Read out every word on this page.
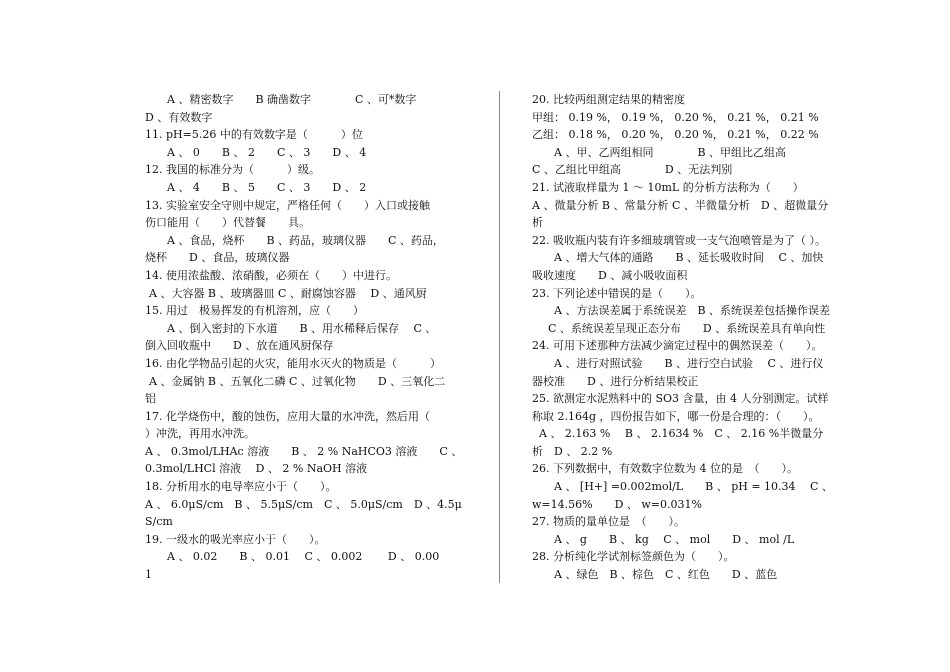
A 、精密数字　　B 确凿数字　　　　C 、可*数字
D 、有效数字
11. pH=5.26 中的有效数字是（　　　）位
A 、 0　　B 、 2　　C 、 3　　D 、 4
12. 我国的标准分为（　　　）级。
A 、 4　　B 、 5　　C 、 3　　D 、 2
13. 实验室安全守则中规定，严格任何（　　）入口或接触
伤口能用（　　）代替餐　　具。
A 、食品，烧杯　　B 、药品，玻璃仪器　　C 、药品，
烧杯　　D 、食品，玻璃仪器
14. 使用浓盐酸、浓硝酸，必须在（　　）中进行。
A 、大容器 B 、玻璃器皿 C 、耐腐蚀容器　 D 、通风厨
15. 用过　极易挥发的有机溶剂，应（　　）
A 、倒入密封的下水道　　B 、用水稀释后保存　 C 、
倒入回收瓶中　　D 、放在通风厨保存
16. 由化学物品引起的火灾，能用水灭火的物质是（　　　）
A 、金属钠 B 、五氧化二磷 C 、过氧化物　　D 、三氧化二
铝
17. 化学烧伤中，酸的蚀伤，应用大量的水冲洗，然后用（
）冲洗，再用水冲洗。
A 、 0.3mol/LHAc 溶液　　B 、 2 % NaHCO3 溶液　　C 、
0.3mol/LHCl 溶液　 D 、 2 % NaOH 溶液
18. 分析用水的电导率应小于（　　）。
A 、 6.0μS/cm　B 、 5.5μS/cm　C 、 5.0μS/cm　D 、4.5μ
S/cm
19. 一级水的吸光率应小于（　　）。
A 、 0.02　　B 、 0.01　 C 、 0.002　　 D 、 0.00
1
20. 比较两组测定结果的精密度
甲组： 0.19 %， 0.19 %， 0.20 %， 0.21 %， 0.21 %
乙组： 0.18 %， 0.20 %， 0.20 %， 0.21 %， 0.22 %
A 、甲、乙两组相同　　　　B 、甲组比乙组高
C 、乙组比甲组高　　　　D 、无法判别
21. 试液取样量为 1 ～ 10mL 的分析方法称为（　　）
A 、微量分析 B 、常量分析 C 、半微量分析　D 、超微量分
析
22. 吸收瓶内装有许多细玻璃管或一支气泡喷管是为了（ ）。
A 、增大气体的通路　　B 、延长吸收时间　 C 、加快
吸收速度　　D 、减小吸收面积
23. 下列论述中错误的是（　　）。
A 、方法误差属于系统误差　B 、系统误差包括操作误差
C 、系统误差呈现正态分布　　D 、系统误差具有单向性
24. 可用下述那种方法减少滴定过程中的偶然误差（　　）。
A 、进行对照试验　　B 、进行空白试验　 C 、进行仪
器校准　　D 、进行分析结果校正
25. 欲测定水泥熟料中的 SO3 含量，由 4 人分别测定。试样
称取 2.164g ，四份报告如下，哪一份是合理的：（　　）。
A 、 2.163 %　 B 、 2.1634 %　C 、 2.16 %半微量分
析　D 、 2.2 %
26. 下列数据中，有效数字位数为 4 位的是　（　　）。
A 、 [H+] =0.002mol/L　　B 、 pH = 10.34　 C 、
w=14.56%　　D 、 w=0.031%
27. 物质的量单位是　（　　）。
A 、 g　　B 、 kg　 C 、 mol　　D 、 mol /L
28. 分析纯化学试剂标签颜色为（　　）。
A 、绿色　B 、棕色　C 、红色　　D 、蓝色
